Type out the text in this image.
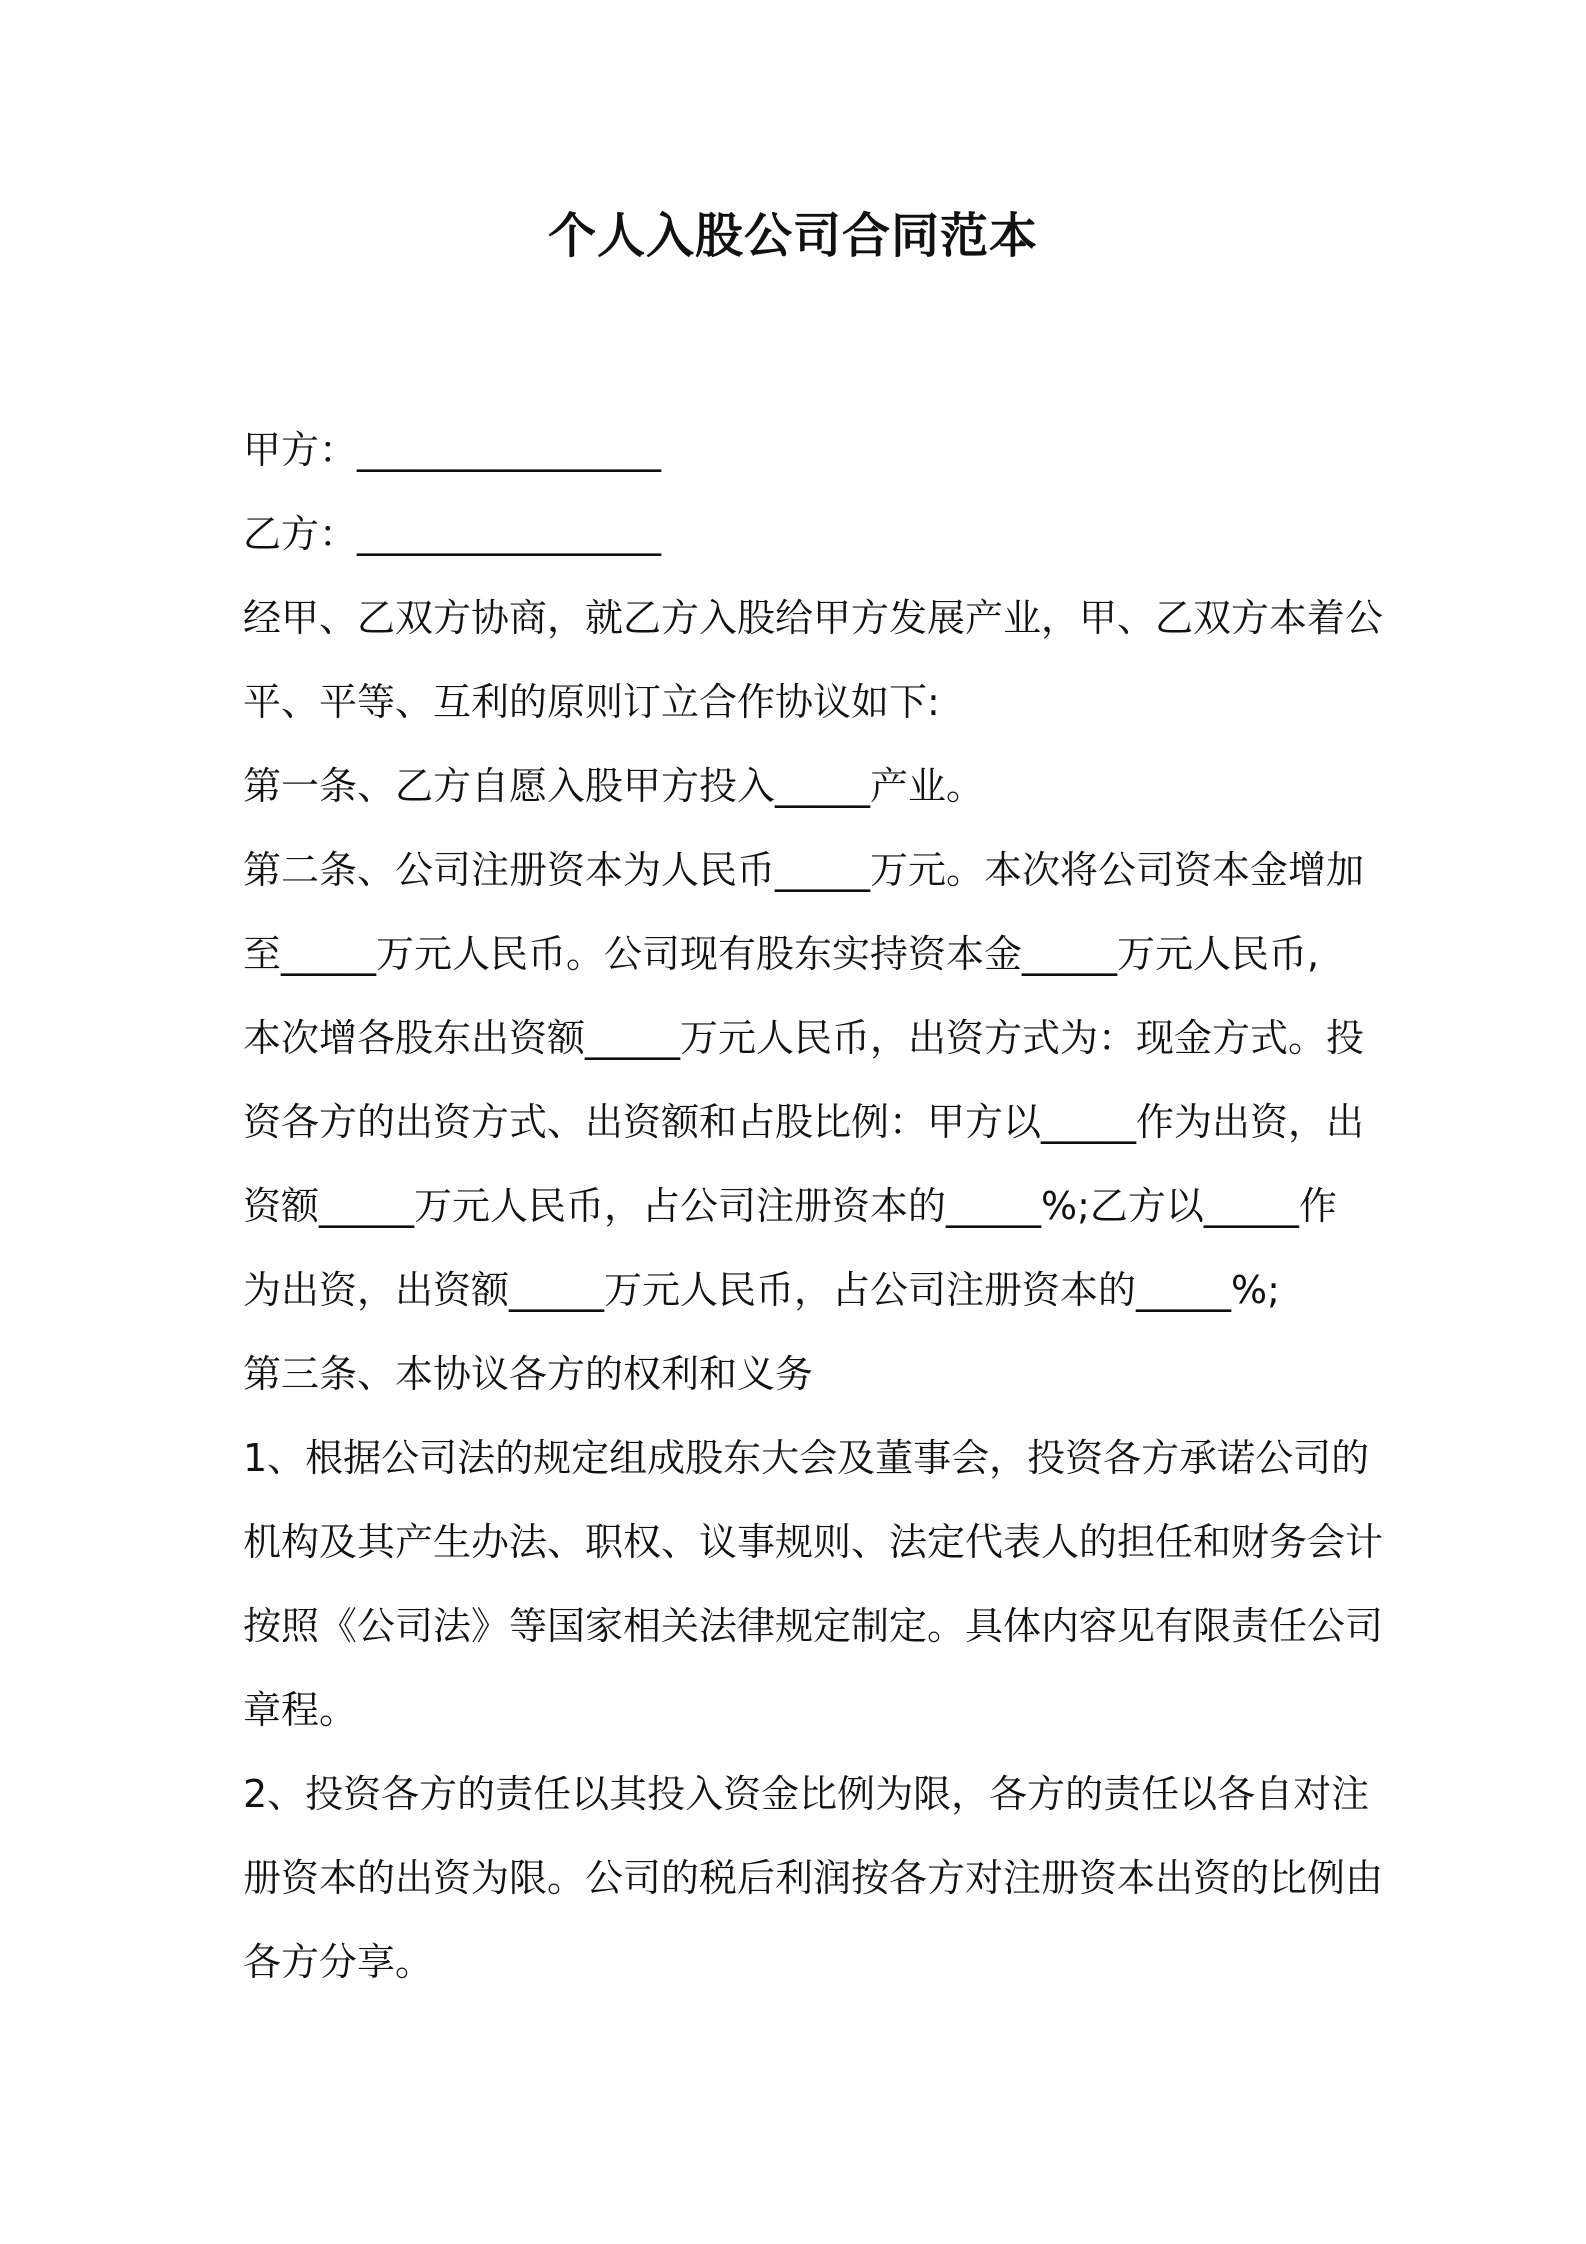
个人入股公司合同范本
甲方：________________
乙方：________________
经甲、乙双方协商，就乙方入股给甲方发展产业，甲、乙双方本着公
平、平等、互利的原则订立合作协议如下:
第一条、乙方自愿入股甲方投入_____产业。
第二条、公司注册资本为人民币_____万元。本次将公司资本金增加
至_____万元人民币。公司现有股东实持资本金_____万元人民币,
本次增各股东出资额_____万元人民币，出资方式为：现金方式。投
资各方的出资方式、出资额和占股比例：甲方以_____作为出资，出
资额_____万元人民币，占公司注册资本的_____%;乙方以_____作
为出资，出资额_____万元人民币，占公司注册资本的_____%;
第三条、本协议各方的权利和义务
1、根据公司法的规定组成股东大会及董事会，投资各方承诺公司的
机构及其产生办法、职权、议事规则、法定代表人的担任和财务会计
按照《公司法》等国家相关法律规定制定。具体内容见有限责任公司
章程。
2、投资各方的责任以其投入资金比例为限，各方的责任以各自对注
册资本的出资为限。公司的税后利润按各方对注册资本出资的比例由
各方分享。
